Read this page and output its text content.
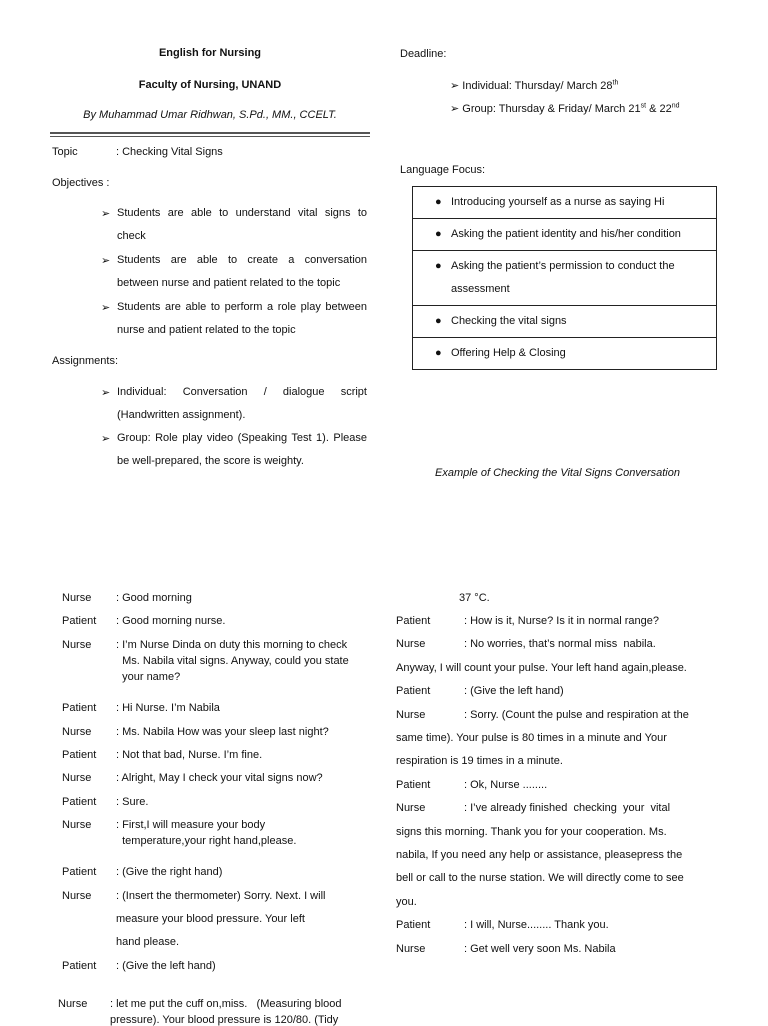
English for Nursing
Faculty of Nursing, UNAND
By Muhammad Umar Ridhwan, S.Pd., MM., CCELT.
Topic	: Checking Vital Signs
Objectives :
➢ Students are able to understand vital signs to
check
➢ Students are able to create a conversation
between nurse and patient related to the topic
➢ Students are able to perform a role play between
nurse and patient related to the topic
Assignments:
➢ Individual: Conversation / dialogue script
(Handwritten assignment).
➢ Group: Role play video (Speaking Test 1). Please
be well-prepared, the score is weighty.
Deadline:
➢ Individual: Thursday/ March 28th
➢ Group: Thursday & Friday/ March 21st & 22nd
Language Focus:
● Introducing yourself as a nurse as saying Hi

● Asking the patient identity and his/her condition

● Asking the patient’s permission to conduct the assessment

● Checking the vital signs

● Offering Help & Closing
Example of Checking the Vital Signs Conversation
Nurse : Good morning
Patient : Good morning nurse.
Nurse : I’m Nurse Dinda on duty this morning to check
Ms. Nabila vital signs. Anyway, could you state
your name?
Patient : Hi Nurse. I’m Nabila
Nurse : Ms. Nabila How was your sleep last night?
Patient : Not that bad, Nurse. I’m fine.
Nurse : Alright, May I check your vital signs now?
Patient : Sure.
Nurse : First,I will measure your body
temperature,your right hand,please.
Patient : (Give the right hand)
Nurse : (Insert the thermometer) Sorry. Next. I will
measure your blood pressure. Your left
hand please.
Patient : (Give the left hand)
Nurse : let me put the cuff on,miss.   (Measuring blood
pressure). Your blood pressure is 120/80. (Tidy
37 °C.
Patient	: How is it, Nurse? Is it in normal range?
Nurse	: No worries, that’s normal miss  nabila.
Anyway, I will count your pulse. Your left hand again,please.
Patient	: (Give the left hand)
Nurse	: Sorry. (Count the pulse and respiration at the
same time). Your pulse is 80 times in a minute and Your
respiration is 19 times in a minute.
Patient	: Ok, Nurse ........
Nurse	: I’ve already finished  checking  your  vital
signs this morning. Thank you for your cooperation. Ms.
nabila, If you need any help or assistance, pleasepress the
bell or call to the nurse station. We will directly come to see
you.
Patient	: I will, Nurse........ Thank you.
Nurse	: Get well very soon Ms. Nabila
